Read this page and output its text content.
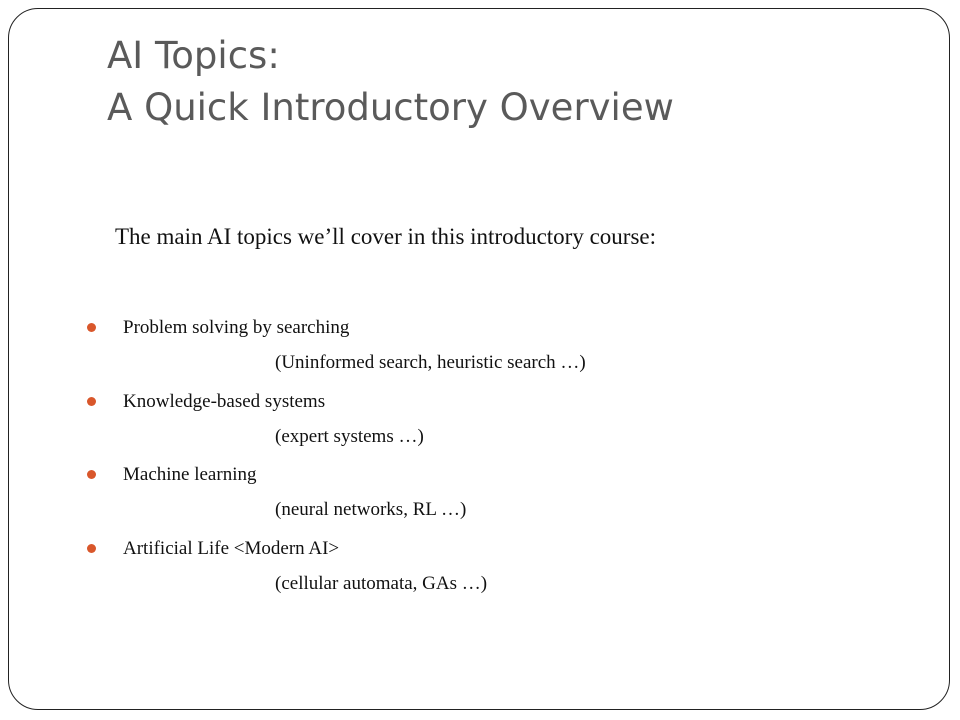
AI Topics:
A Quick Introductory Overview

The main AI topics we’ll cover in this introductory course:

Problem solving by searching
(Uninformed search, heuristic search …)
Knowledge-based systems
(expert systems …)
Machine learning
(neural networks, RL …)
Artificial Life <Modern AI>
(cellular automata, GAs …)
